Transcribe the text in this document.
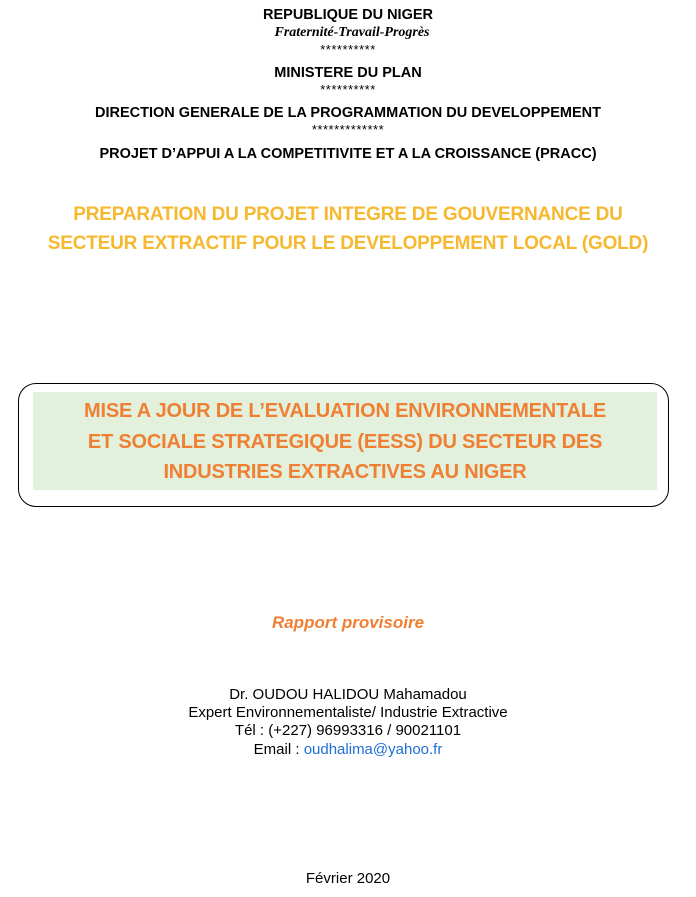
REPUBLIQUE DU NIGER
Fraternité-Travail-Progrès
**********
MINISTERE DU PLAN
**********
DIRECTION GENERALE DE LA PROGRAMMATION DU DEVELOPPEMENT
*************
PROJET D’APPUI A LA COMPETITIVITE ET A LA CROISSANCE (PRACC)
PREPARATION DU PROJET INTEGRE DE GOUVERNANCE DU
SECTEUR EXTRACTIF POUR LE DEVELOPPEMENT LOCAL (GOLD)
MISE A JOUR DE L’EVALUATION ENVIRONNEMENTALE
ET SOCIALE STRATEGIQUE (EESS) DU SECTEUR DES
INDUSTRIES EXTRACTIVES AU NIGER
Rapport provisoire
Dr. OUDOU HALIDOU Mahamadou
Expert Environnementaliste/ Industrie Extractive
Tél : (+227) 96993316 / 90021101
Email : oudhalima@yahoo.fr
Février 2020
